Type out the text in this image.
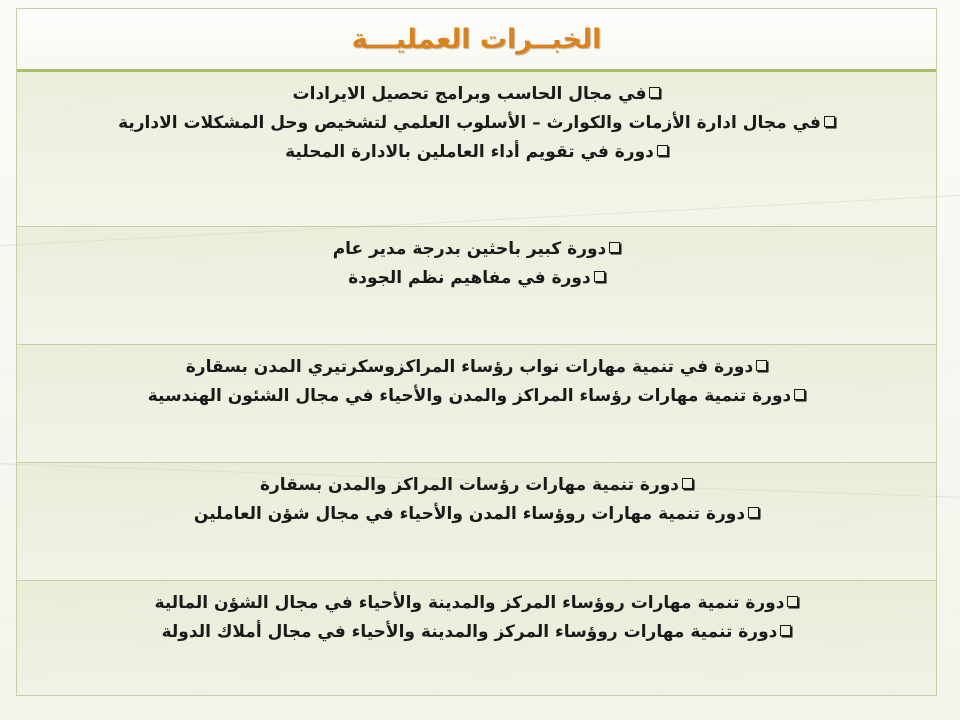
الخبــرات العمليـــة
في مجال الحاسب وبرامج تحصيل الايرادات
في مجال ادارة الأزمات والكوارث – الأسلوب العلمي لتشخيص وحل المشكلات الادارية
دورة في تقويم أداء العاملين بالادارة المحلية
دورة كبير باحثين بدرجة مدير عام
دورة في مفاهيم نظم الجودة
دورة في تنمية مهارات نواب رؤساء المراكزوسكرتيري المدن بسقارة
دورة تنمية مهارات رؤساء المراكز والمدن والأحياء في مجال الشئون الهندسية
دورة تنمية مهارات رؤسات المراكز والمدن بسقارة
دورة تنمية مهارات روؤساء المدن والأحياء في مجال شؤن العاملين
دورة تنمية مهارات روؤساء المركز والمدينة والأحياء في مجال الشؤن المالية
دورة تنمية مهارات روؤساء المركز والمدينة والأحياء في مجال أملاك الدولة
